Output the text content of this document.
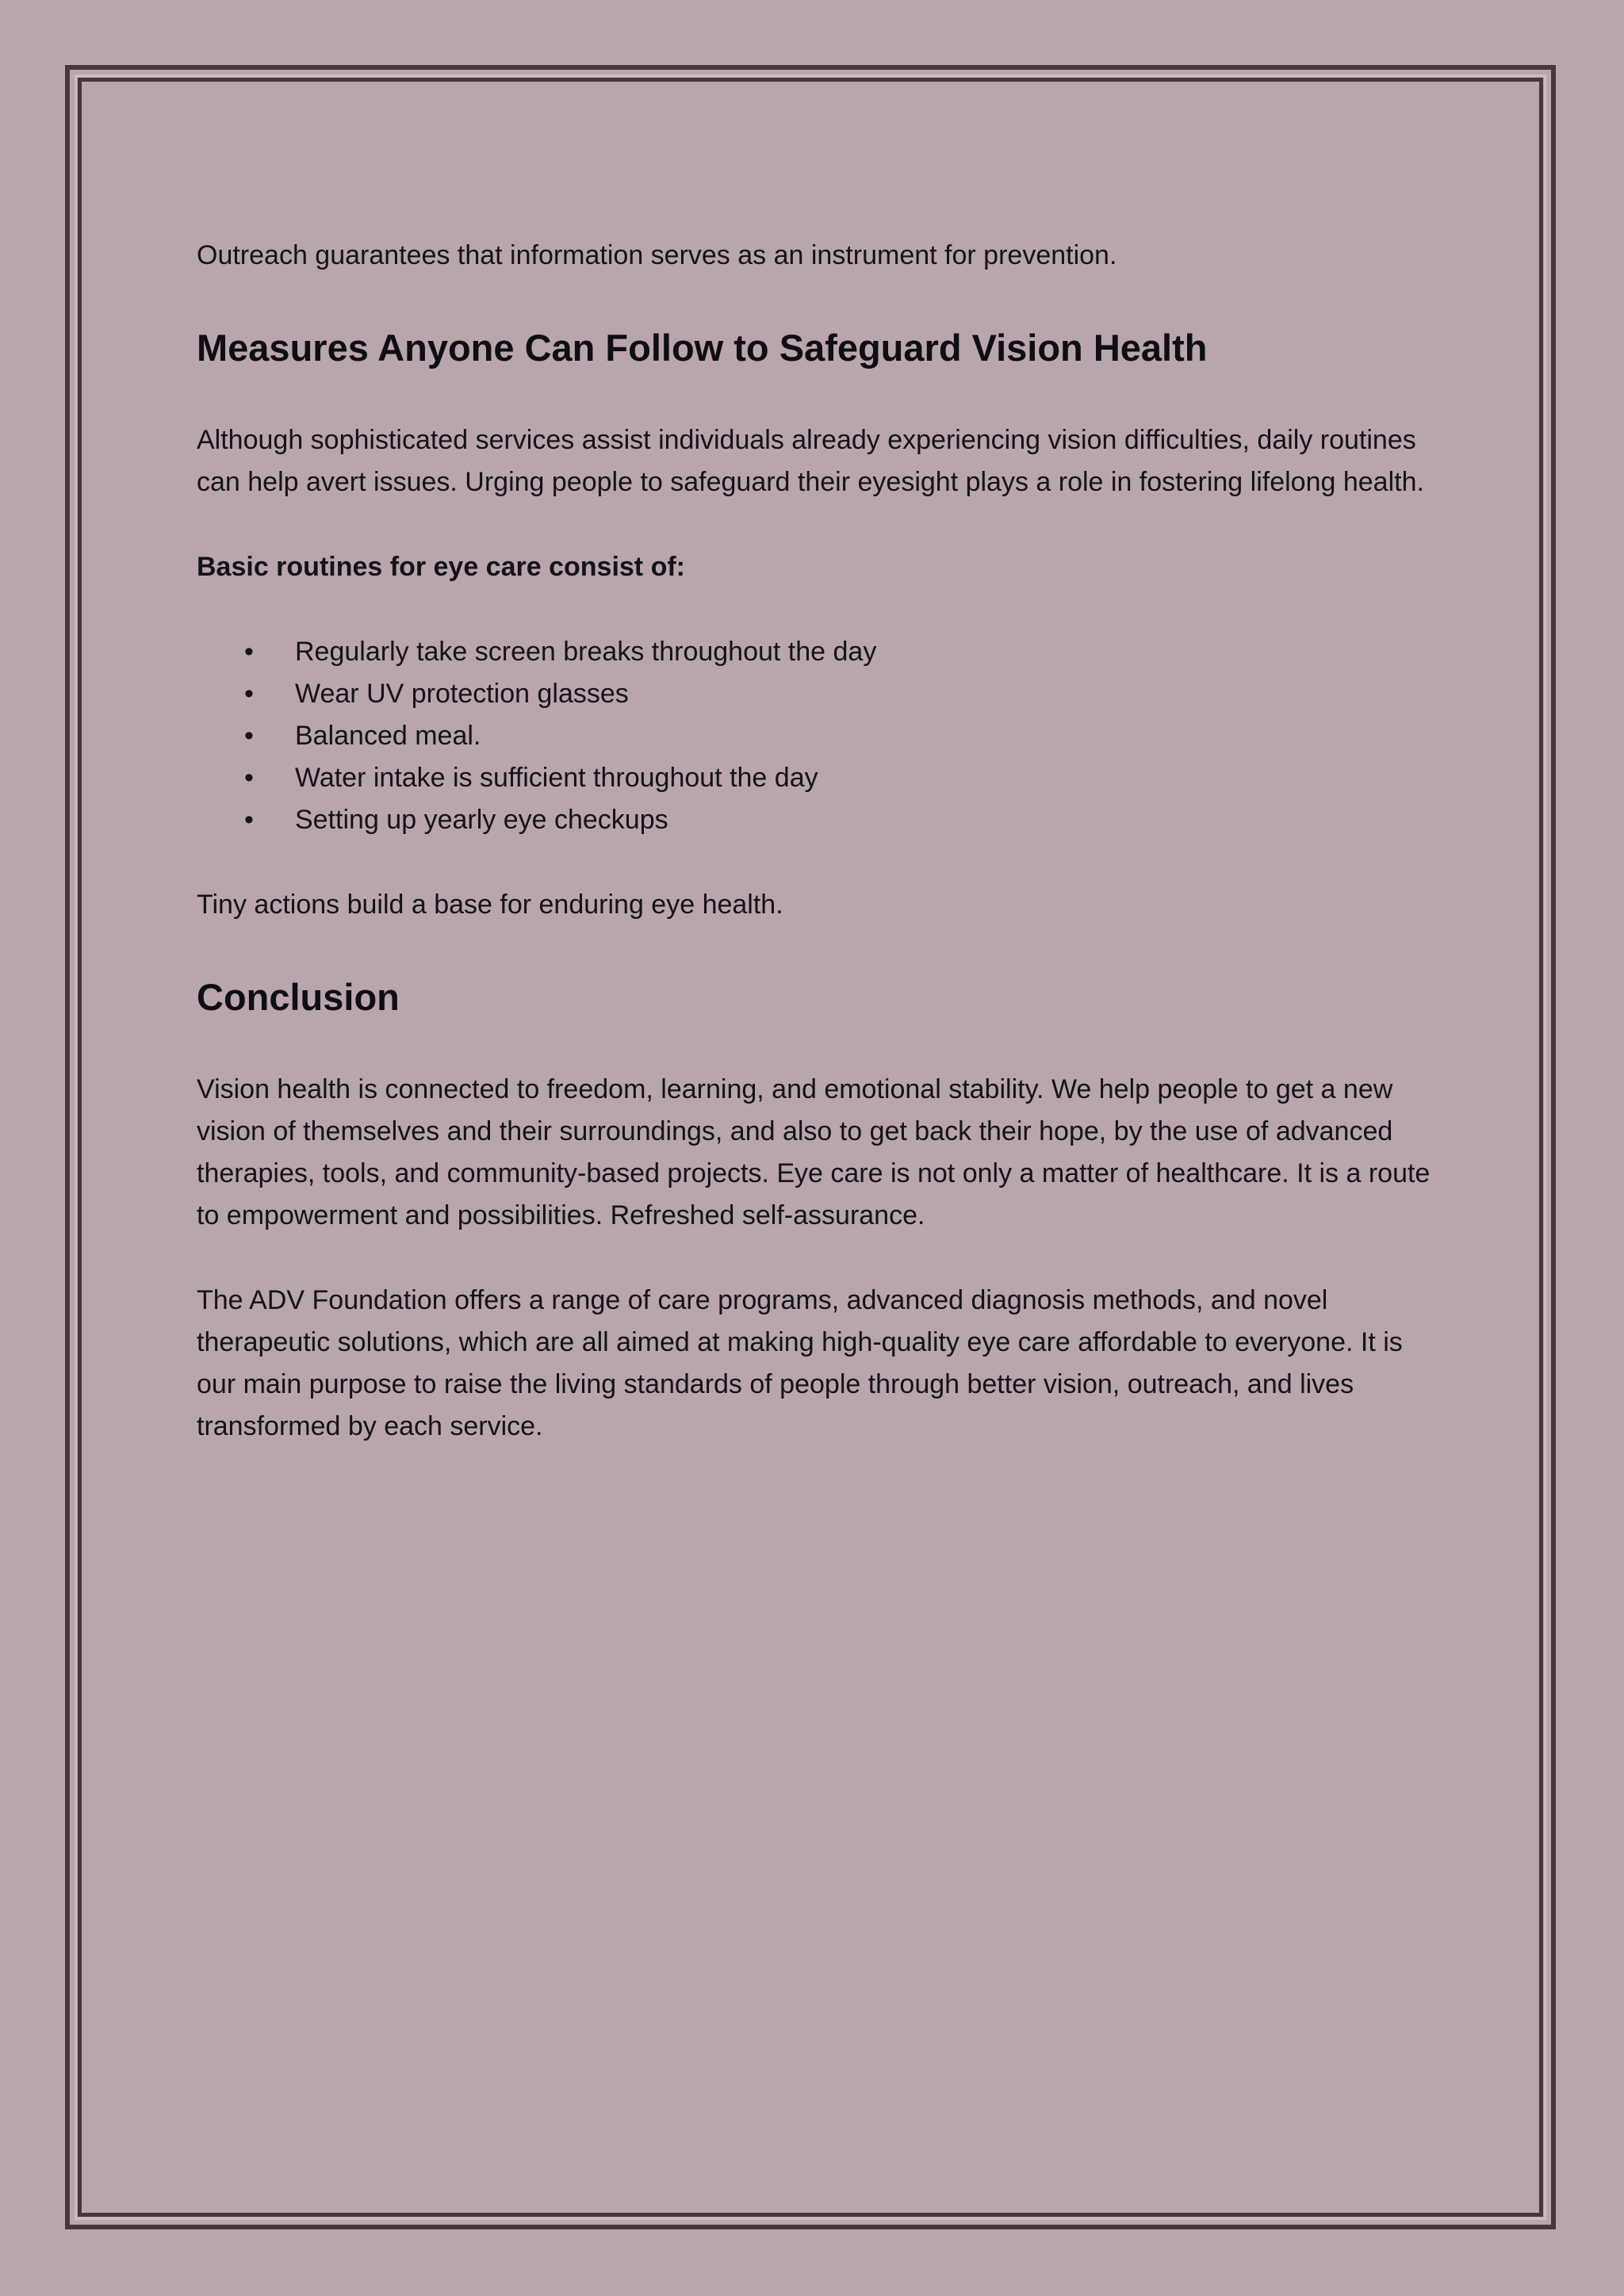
Outreach guarantees that information serves as an instrument for prevention.

Measures Anyone Can Follow to Safeguard Vision Health

Although sophisticated services assist individuals already experiencing vision difficulties, daily routines can help avert issues. Urging people to safeguard their eyesight plays a role in fostering lifelong health.

Basic routines for eye care consist of:

• Regularly take screen breaks throughout the day
• Wear UV protection glasses
• Balanced meal.
• Water intake is sufficient throughout the day
• Setting up yearly eye checkups

Tiny actions build a base for enduring eye health.

Conclusion

Vision health is connected to freedom, learning, and emotional stability. We help people to get a new vision of themselves and their surroundings, and also to get back their hope, by the use of advanced therapies, tools, and community-based projects. Eye care is not only a matter of healthcare. It is a route to empowerment and possibilities. Refreshed self-assurance.

The ADV Foundation offers a range of care programs, advanced diagnosis methods, and novel therapeutic solutions, which are all aimed at making high-quality eye care affordable to everyone. It is our main purpose to raise the living standards of people through better vision, outreach, and lives transformed by each service.
